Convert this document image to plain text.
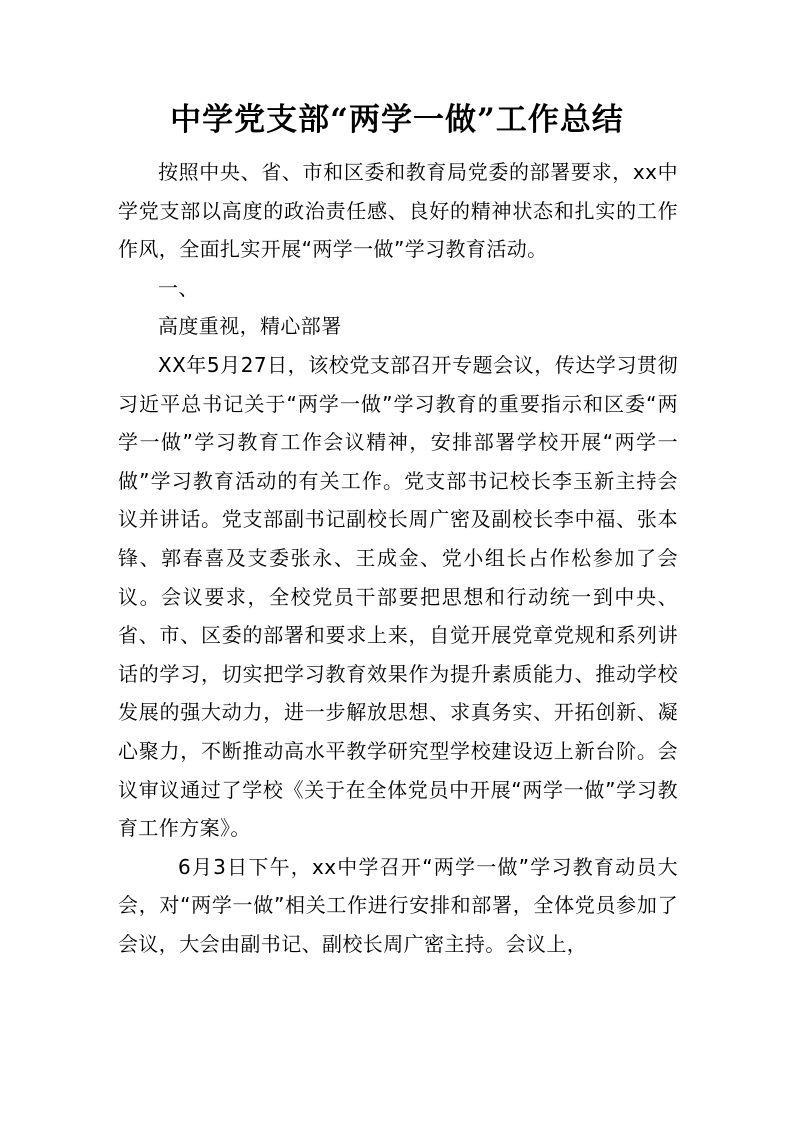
中学党支部“两学一做”工作总结

按照中央、省、市和区委和教育局党委的部署要求，xx中学党支部以高度的政治责任感、良好的精神状态和扎实的工作作风，全面扎实开展“两学一做”学习教育活动。

一、

高度重视，精心部署

XX年5月27日，该校党支部召开专题会议，传达学习贯彻习近平总书记关于“两学一做”学习教育的重要指示和区委“两学一做”学习教育工作会议精神，安排部署学校开展“两学一做”学习教育活动的有关工作。党支部书记校长李玉新主持会议并讲话。党支部副书记副校长周广密及副校长李中福、张本锋、郭春喜及支委张永、王成金、党小组长占作松参加了会议。会议要求，全校党员干部要把思想和行动统一到中央、省、市、区委的部署和要求上来，自觉开展党章党规和系列讲话的学习，切实把学习教育效果作为提升素质能力、推动学校发展的强大动力，进一步解放思想、求真务实、开拓创新、凝心聚力，不断推动高水平教学研究型学校建设迈上新台阶。会议审议通过了学校《关于在全体党员中开展“两学一做”学习教育工作方案》。

6月3日下午，xx中学召开“两学一做”学习教育动员大会，对“两学一做”相关工作进行安排和部署，全体党员参加了会议，大会由副书记、副校长周广密主持。会议上，
